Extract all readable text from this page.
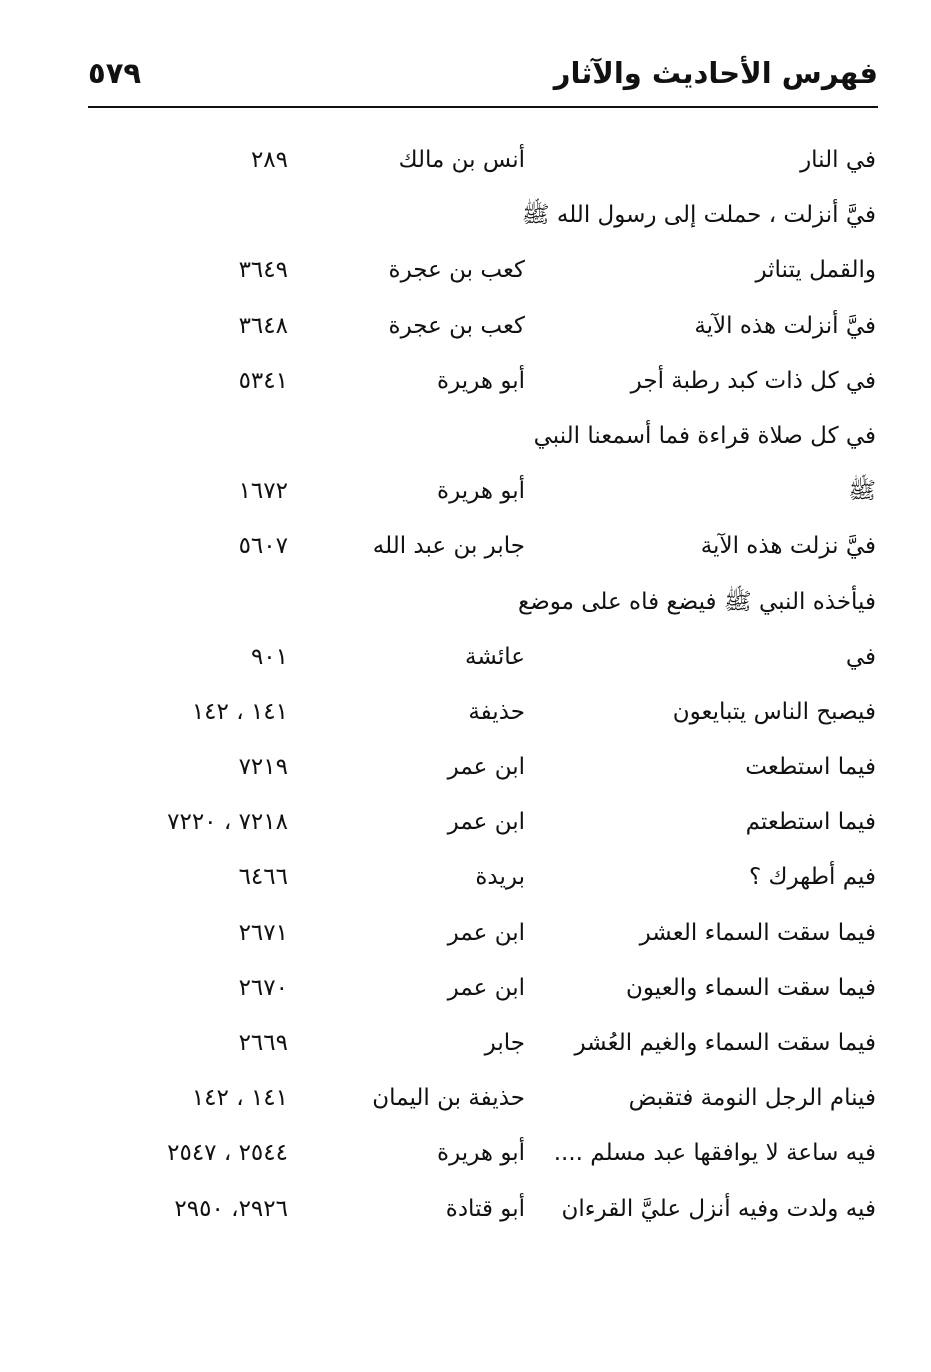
فهرس الأحاديث والآثار
٥٧٩
في النار
أنس بن مالك
٢٨٩
فيَّ أنزلت ، حملت إلى رسول الله ﷺ
والقمل يتناثر
كعب بن عجرة
٣٦٤٩
فيَّ أنزلت هذه الآية
كعب بن عجرة
٣٦٤٨
في كل ذات كبد رطبة أجر
أبو هريرة
٥٣٤١
في كل صلاة قراءة فما أسمعنا النبي
ﷺ
أبو هريرة
١٦٧٢
فيَّ نزلت هذه الآية
جابر بن عبد الله
٥٦٠٧
فيأخذه النبي ﷺ فيضع فاه على موضع
في
عائشة
٩٠١
فيصبح الناس يتبايعون
حذيفة
١٤١ ، ١٤٢
فيما استطعت
ابن عمر
٧٢١٩
فيما استطعتم
ابن عمر
٧٢١٨ ، ٧٢٢٠
فيم أطهرك ؟
بريدة
٦٤٦٦
فيما سقت السماء العشر
ابن عمر
٢٦٧١
فيما سقت السماء والعيون
ابن عمر
٢٦٧٠
فيما سقت السماء والغيم العُشر
جابر
٢٦٦٩
فينام الرجل النومة فتقبض
حذيفة بن اليمان
١٤١ ، ١٤٢
فيه ساعة لا يوافقها عبد مسلم ....
أبو هريرة
٢٥٤٤ ، ٢٥٤٧
فيه ولدت وفيه أنزل عليَّ القرءان
أبو قتادة
٢٩٢٦، ٢٩٥٠
